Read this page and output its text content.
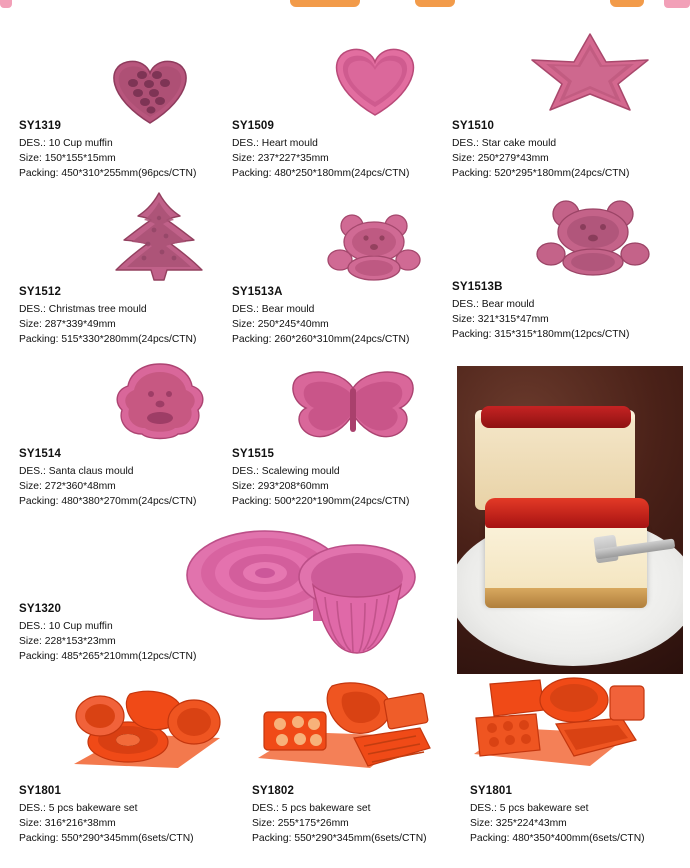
SY1319
DES.: 10 Cup muffin
Size: 150*155*15mm
Packing: 450*310*255mm(96pcs/CTN)
SY1509
DES.: Heart mould
Size: 237*227*35mm
Packing: 480*250*180mm(24pcs/CTN)
SY1510
DES.: Star cake mould
Size: 250*279*43mm
Packing: 520*295*180mm(24pcs/CTN)
SY1512
DES.: Christmas tree mould
Size: 287*339*49mm
Packing: 515*330*280mm(24pcs/CTN)
SY1513A
DES.: Bear mould
Size: 250*245*40mm
Packing: 260*260*310mm(24pcs/CTN)
SY1513B
DES.: Bear mould
Size: 321*315*47mm
Packing: 315*315*180mm(12pcs/CTN)
SY1514
DES.: Santa claus mould
Size: 272*360*48mm
Packing: 480*380*270mm(24pcs/CTN)
SY1515
DES.: Scalewing mould
Size: 293*208*60mm
Packing: 500*220*190mm(24pcs/CTN)
SY1320
DES.: 10 Cup muffin
Size: 228*153*23mm
Packing: 485*265*210mm(12pcs/CTN)
SY1801
DES.: 5 pcs bakeware set
Size: 316*216*38mm
Packing: 550*290*345mm(6sets/CTN)
SY1802
DES.: 5 pcs bakeware set
Size: 255*175*26mm
Packing: 550*290*345mm(6sets/CTN)
SY1801
DES.: 5 pcs bakeware set
Size: 325*224*43mm
Packing: 480*350*400mm(6sets/CTN)
